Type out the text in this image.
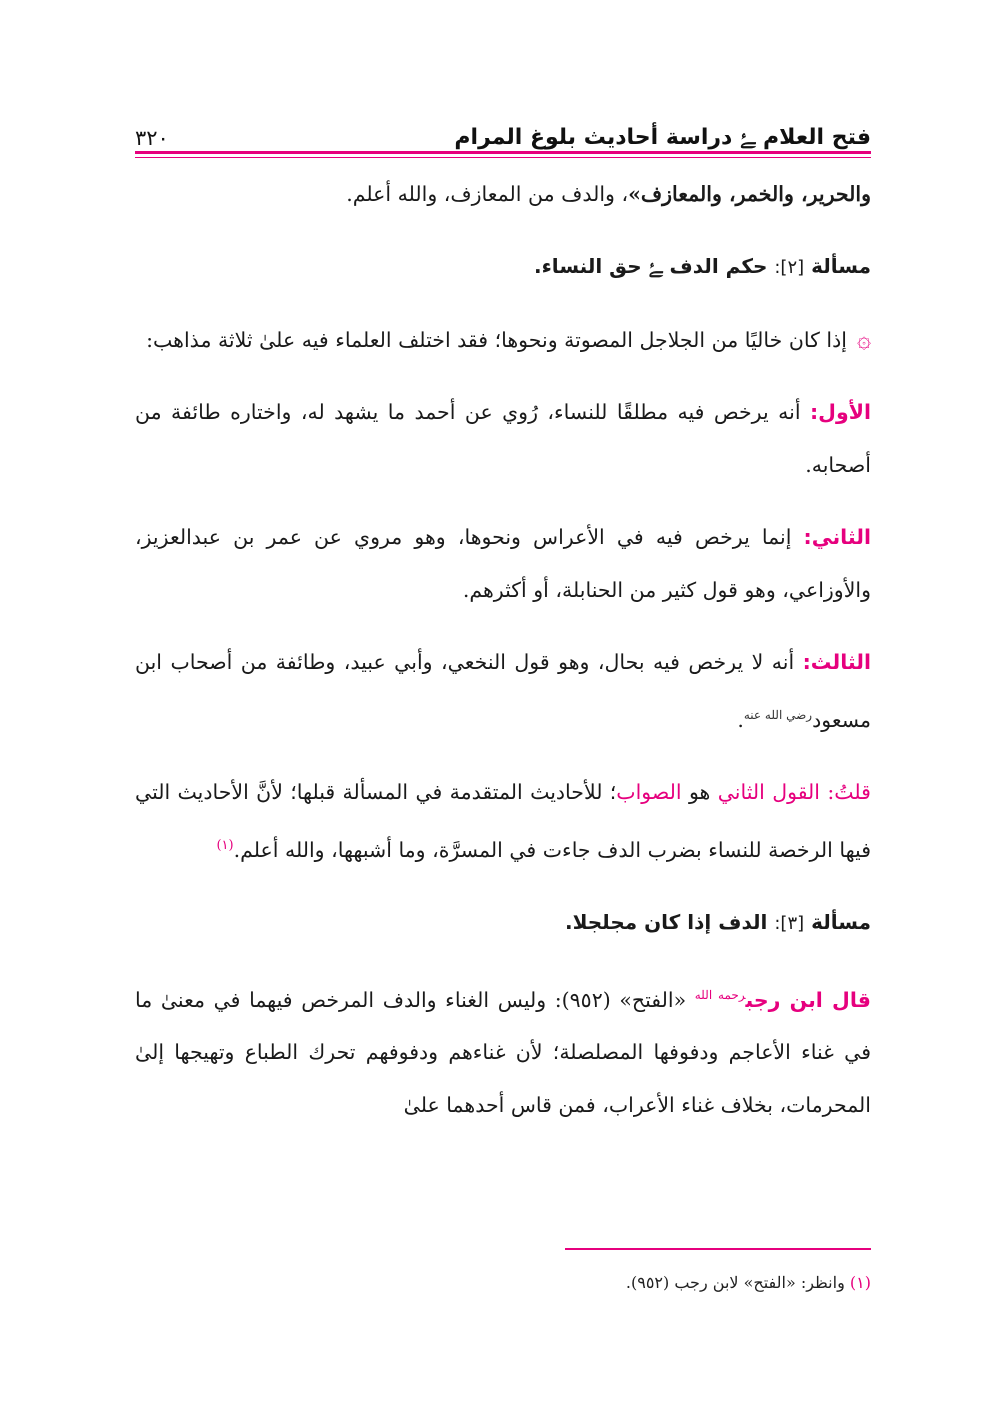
فتح العلام ﮱ دراسة أحاديث بلوغ المرام
٣٢٠

والحرير، والخمر، والمعازف»، والدف من المعازف، والله أعلم.

مسألة [٢]: حكم الدف ﮱ حق النساء.

۞إذا كان خاليًا من الجلاجل المصوتة ونحوها؛ فقد اختلف العلماء فيه علىٰ ثلاثة مذاهب:

الأول: أنه يرخص فيه مطلقًا للنساء، رُوي عن أحمد ما يشهد له، واختاره طائفة من أصحابه.

الثاني: إنما يرخص فيه في الأعراس ونحوها، وهو مروي عن عمر بن عبدالعزيز، والأوزاعي، وهو قول كثير من الحنابلة، أو أكثرهم.

الثالث: أنه لا يرخص فيه بحال، وهو قول النخعي، وأبي عبيد، وطائفة من أصحاب ابن مسعود$^{رضي الله عنه}$.

قلتُ: القول الثاني هو الصواب؛ للأحاديث المتقدمة في المسألة قبلها؛ لأنَّ الأحاديث التي فيها الرخصة للنساء بضرب الدف جاءت في المسرَّة، وما أشبهها، والله أعلم.$^{(١)}$

مسألة [٣]: الدف إذا كان مجلجلا.

قال ابن رجب$^{رحمه الله}$ «الفتح» (٩٥٢): وليس الغناء والدف المرخص فيهما في معنىٰ ما في غناء الأعاجم ودفوفها المصلصلة؛ لأن غناءهم ودفوفهم تحرك الطباع وتهيجها إلىٰ المحرمات، بخلاف غناء الأعراب، فمن قاس أحدهما علىٰ

(١) وانظر: «الفتح» لابن رجب (٩٥٢).
